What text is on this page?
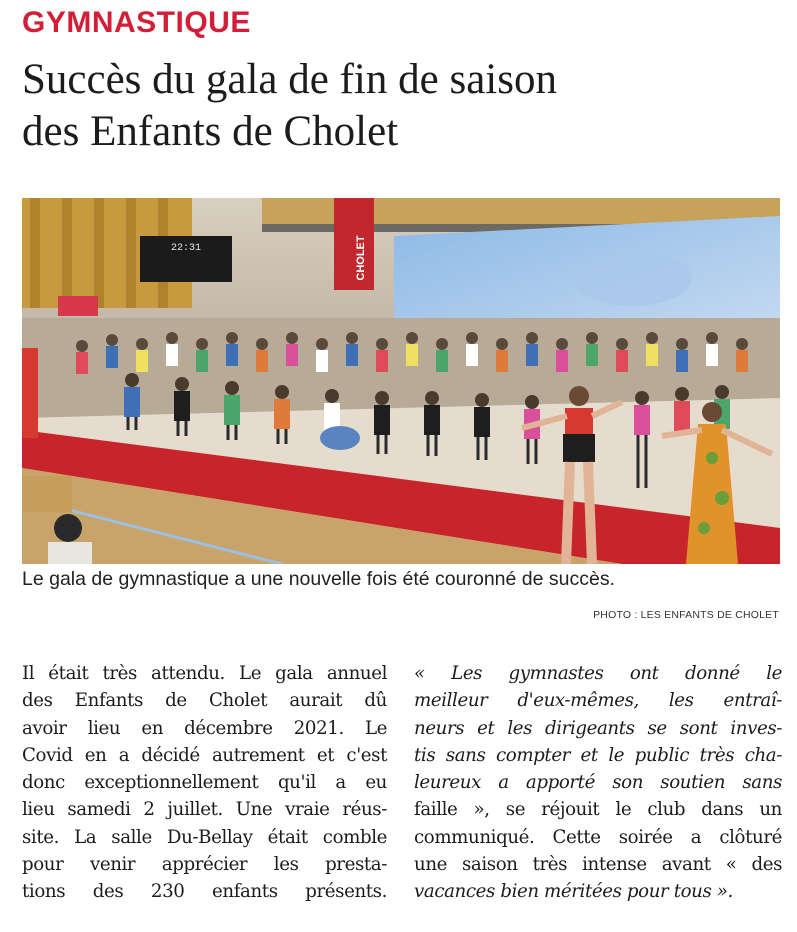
GYMNASTIQUE
Succès du gala de fin de saison
des Enfants de Cholet
22:31	CHOLET
Le gala de gymnastique a une nouvelle fois été couronné de succès.
PHOTO : LES ENFANTS DE CHOLET
Il était très attendu. Le gala annuel
des Enfants de Cholet aurait dû
avoir lieu en décembre 2021. Le
Covid en a décidé autrement et c'est
donc exceptionnellement qu'il a eu
lieu samedi 2 juillet. Une vraie réus-
site. La salle Du-Bellay était comble
pour venir apprécier les presta-
tions des 230 enfants présents.
« Les gymnastes ont donné le
meilleur d'eux-mêmes, les entraî-
neurs et les dirigeants se sont inves-
tis sans compter et le public très cha-
leureux a apporté son soutien sans
faille », se réjouit le club dans un
communiqué. Cette soirée a clôturé
une saison très intense avant « des
vacances bien méritées pour tous ».
